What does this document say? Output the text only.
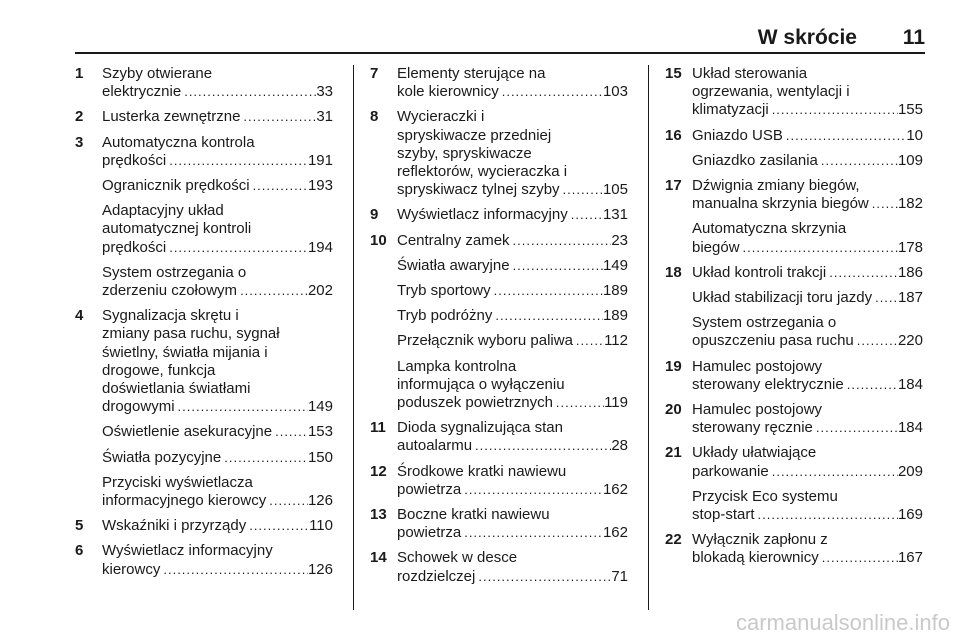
W skrócie 11
1	Szyby otwierane
elektrycznie .....	33
2	Lusterka zewnętrzne .....	31
3	Automatyczna kontrola
prędkości .....	191
Ogranicznik prędkości .....	193
Adaptacyjny układ
automatycznej kontroli
prędkości .....	194
System ostrzegania o
zderzeniu czołowym .....	202
4	Sygnalizacja skrętu i
zmiany pasa ruchu, sygnał
świetlny, światła mijania i
drogowe, funkcja
doświetlania światłami
drogowymi .....	149
Oświetlenie asekuracyjne ..... 153
Światła pozycyjne .....	150
Przyciski wyświetlacza
informacyjnego kierowcy .....	126
5	Wskaźniki i przyrządy .....	110
6	Wyświetlacz informacyjny
kierowcy .....	126
7	Elementy sterujące na
kole kierownicy .....	103
8	Wycieraczki i
spryskiwacze przedniej
szyby, spryskiwacze
reflektorów, wycieraczka i
spryskiwacz tylnej szyby .....	105
9	Wyświetlacz informacyjny ..... 131
10 Centralny zamek .....	23
Światła awaryjne .....	149
Tryb sportowy .....	189
Tryb podróżny .....	189
Przełącznik wyboru paliwa ..... 112
Lampka kontrolna
informująca o wyłączeniu
poduszek powietrznych .....	119
11 Dioda sygnalizująca stan
autoalarmu .....	28
12 Środkowe kratki nawiewu
powietrza .....	162
13 Boczne kratki nawiewu
powietrza .....	162
14 Schowek w desce
rozdzielczej .....	71
15 Układ sterowania
ogrzewania, wentylacji i
klimatyzacji .....	155
16 Gniazdo USB .....	10
Gniazdko zasilania .....	109
17 Dźwignia zmiany biegów,
manualna skrzynia biegów ..... 182
Automatyczna skrzynia
biegów .....	178
18 Układ kontroli trakcji .....	186
Układ stabilizacji toru jazdy ..... 187
System ostrzegania o
opuszczeniu pasa ruchu .....	220
19 Hamulec postojowy
sterowany elektrycznie .....	184
20 Hamulec postojowy
sterowany ręcznie .....	184
21 Układy ułatwiające
parkowanie .....	209
Przycisk Eco systemu
stop-start .....	169
22 Wyłącznik zapłonu z
blokadą kierownicy .....	167
carmanualsonline.info
